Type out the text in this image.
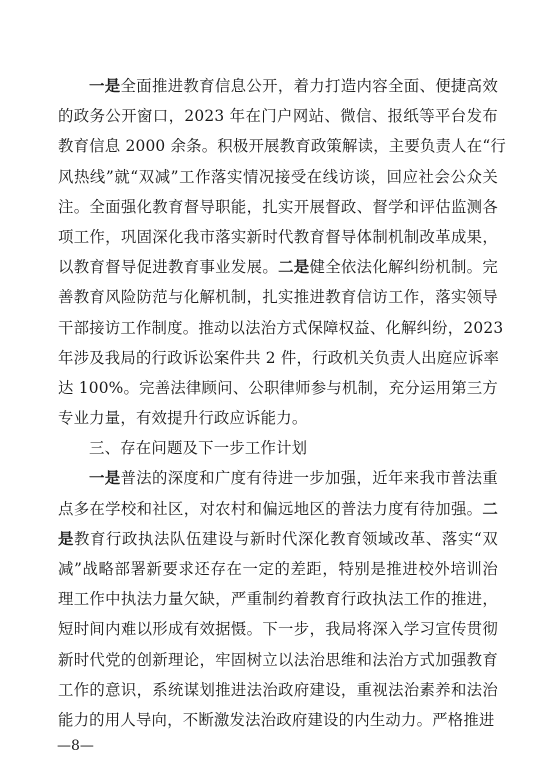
一是全面推进教育信息公开，着力打造内容全面、便捷高效
的政务公开窗口，2023 年在门户网站、微信、报纸等平台发布
教育信息 2000 余条。积极开展教育政策解读，主要负责人在“行
风热线”就“双减”工作落实情况接受在线访谈，回应社会公众关
注。全面强化教育督导职能，扎实开展督政、督学和评估监测各
项工作，巩固深化我市落实新时代教育督导体制机制改革成果，
以教育督导促进教育事业发展。二是健全依法化解纠纷机制。完
善教育风险防范与化解机制，扎实推进教育信访工作，落实领导
干部接访工作制度。推动以法治方式保障权益、化解纠纷，2023
年涉及我局的行政诉讼案件共 2 件，行政机关负责人出庭应诉率
达 100%。完善法律顾问、公职律师参与机制，充分运用第三方
专业力量，有效提升行政应诉能力。
三、存在问题及下一步工作计划
一是普法的深度和广度有待进一步加强，近年来我市普法重
点多在学校和社区，对农村和偏远地区的普法力度有待加强。二
是教育行政执法队伍建设与新时代深化教育领域改革、落实“双
减”战略部署新要求还存在一定的差距，特别是推进校外培训治
理工作中执法力量欠缺，严重制约着教育行政执法工作的推进，
短时间内难以形成有效据慑。下一步，我局将深入学习宣传贯彻
新时代党的创新理论，牢固树立以法治思维和法治方式加强教育
工作的意识，系统谋划推进法治政府建设，重视法治素养和法治
能力的用人导向，不断激发法治政府建设的内生动力。严格推进
—8—
